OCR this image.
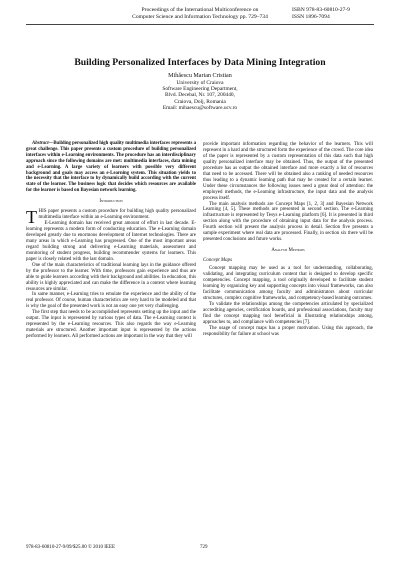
Proceedings of the International Multiconference on
Computer Science and Information Technology pp. 729–734
ISBN 978-83-60810-27-9
ISSN 1896-7094
Building Personalized Interfaces by Data Mining Integration
Mihăescu Marian Cristian
University of Craiova
Software Engineering Department,
Blvd. Decebal, Nr. 107, 200440,
Craiova, Dolj, Romania
Email: mihaescu@software.ucv.ro

Abstract—Building personalized high quality multimedia interfaces represents a great challenge. This paper presents a custom procedure of building personalized interfaces within e-Learning environments. The procedure has an interdisciplinary approach since the following domains are met: multimedia interfaces, data mining and e-Learning. A large variety of learners with possible very different background and goals may access an e-Learning system. This situation yields to the necessity that the interface to by dynamically build according with the current state of the learner. The business logic that decides which resources are available for the learner is based on Bayesian network learning.

Introduction

THIS paper presents a custom procedure for building high quality personalized multimedia interface within an e-Learning environment.

E-Learning domain has received great amount of effort in last decade. E-learning represents a modern form of conducting education. The e-Learning domain developed greatly due to enormous development of Internet technologies. There are many areas in which e-Learning has progressed. One of the most important areas regard building strong and delivering e-Learning materials, assessment and monitoring of student progress, building recommender systems for learners. This paper is closely related with the last domain.

One of the main characteristics of traditional learning lays in the guidance offered by the professor to the learner. With time, professors gain experience and thus are able to guide learners according with their background and abilities. In education, this ability is highly appreciated and can make the difference in a context where learning resources are similar.

In same manner, e-Learning tries to emulate the experience and the ability of the real professor. Of course, human characteristics are very hard to be modeled and that is why the goal of the presented work is not an easy one yet very challenging.

The first step that needs to be accomplished represents setting up the input and the output. The input is represented by various types of data. The e-Learning context is represented by the e-Learning resources. This also regards the way e-Learning materials are structured. Another important input is represented by the actions performed by learners. All performed actions are important in the way that they will

provide important information regarding the behavior of the learners. This will represent in a hard and the structured form the experience of the crowd. The core idea of the paper is represented by a custom representation of this data such that high quality personalized interface may be obtained. Thus, the output of the presented procedure has as output the obtained interface and more exactly a list of resources that need to be accessed. There will be obtained also a ranking of needed resources thus leading to a dynamic learning path that may be created for a certain learner. Under these circumstances the following issues need a great deal of attention: the employed methods, the e-Learning infrastructure, the input data and the analysis process itself.

The main analysis methods are Concept Maps [1, 2, 3] and Bayesian Network Learning [4, 5]. These methods are presented in second section. The e-Learning infrastructure is represented by Tesys e-Learning platform [6]. It is presented in third section along with the procedure of obtaining input data for the analysis process. Fourth section will present the analysis process in detail. Section five presents a sample experiment where real data are processed. Finally, in section six there will be presented conclusions and future works.

Analysis Methods
Concept Maps

Concept mapping may be used as a tool for understanding, collaborating, validating, and integrating curriculum content that is designed to develop specific competencies. Concept mapping, a tool originally developed to facilitate student learning by organizing key and supporting concepts into visual frameworks, can also facilitate communication among faculty and administrators about curricular structures, complex cognitive frameworks, and competency-based learning outcomes.

To validate the relationships among the competencies articulated by specialized accrediting agencies, certification boards, and professional associations, faculty may find the concept mapping tool beneficial in illustrating relationships among, approaches to, and compliance with competencies [7].

The usage of concept maps has a proper motivation. Using this approach, the responsibility for failure at school was

978-83-60810-27-9/09/$25.00 © 2010 IEEE	729
